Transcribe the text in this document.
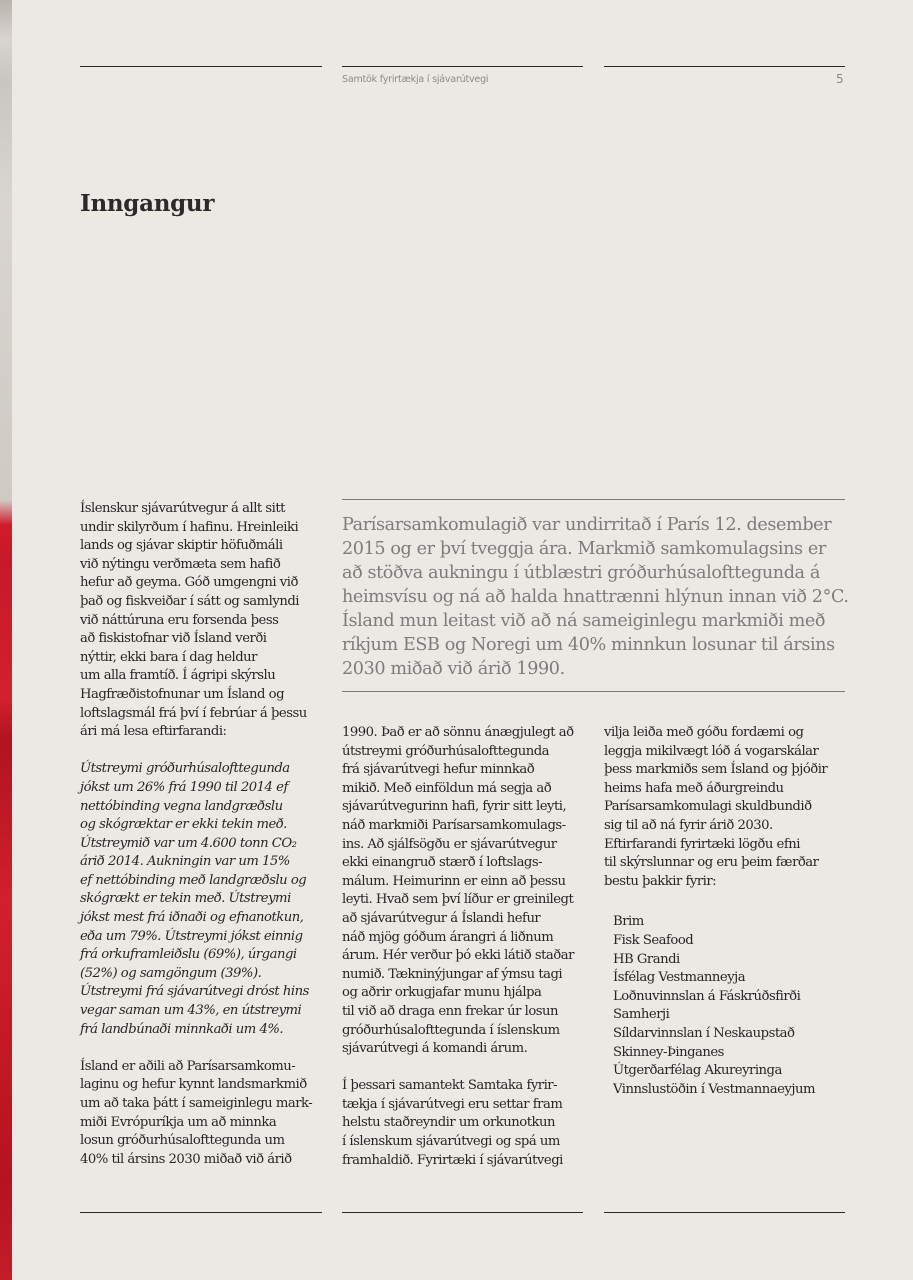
Samtök fyrirtækja í sjávarútvegi	5
Inngangur

Íslenskur sjávarútvegur á allt sitt
undir skilyrðum í hafinu. Hreinleiki
lands og sjávar skiptir höfuðmáli
við nýtingu verðmæta sem hafið
hefur að geyma. Góð umgengni við
það og fiskveiðar í sátt og samlyndi
við náttúruna eru forsenda þess
að fiskistofnar við Ísland verði
nýttir, ekki bara í dag heldur
um alla framtíð. Í ágripi skýrslu
Hagfræðistofnunar um Ísland og
loftslagsmál frá því í febrúar á þessu
ári má lesa eftirfarandi:

Útstreymi gróðurhúsalofttegunda
jókst um 26% frá 1990 til 2014 ef
nettóbinding vegna landgræðslu
og skógræktar er ekki tekin með.
Útstreymið var um 4.600 tonn CO₂
árið 2014. Aukningin var um 15%
ef nettóbinding með landgræðslu og
skógrækt er tekin með. Útstreymi
jókst mest frá iðnaði og efnanotkun,
eða um 79%. Útstreymi jókst einnig
frá orkuframleiðslu (69%), úrgangi
(52%) og samgöngum (39%).
Útstreymi frá sjávarútvegi dróst hins
vegar saman um 43%, en útstreymi
frá landbúnaði minnkaði um 4%.

Ísland er aðili að Parísarsamkomu-
laginu og hefur kynnt landsmarkmið
um að taka þátt í sameiginlegu mark-
miði Evrópuríkja um að minnka
losun gróðurhúsalofttegunda um
40% til ársins 2030 miðað við árið

Parísarsamkomulagið var undirritað í París 12. desember
2015 og er því tveggja ára. Markmið samkomulagsins er
að stöðva aukningu í útblæstri gróðurhúsalofttegunda á
heimsvísu og ná að halda hnattrænni hlýnun innan við 2°C.
Ísland mun leitast við að ná sameiginlegu markmiði með
ríkjum ESB og Noregi um 40% minnkun losunar til ársins
2030 miðað við árið 1990.

1990. Það er að sönnu ánægjulegt að
útstreymi gróðurhúsalofttegunda
frá sjávarútvegi hefur minnkað
mikið. Með einföldun má segja að
sjávarútvegurinn hafi, fyrir sitt leyti,
náð markmiði Parísarsamkomulags-
ins. Að sjálfsögðu er sjávarútvegur
ekki einangruð stærð í loftslags-
málum. Heimurinn er einn að þessu
leyti. Hvað sem því líður er greinilegt
að sjávarútvegur á Íslandi hefur
náð mjög góðum árangri á liðnum
árum. Hér verður þó ekki látið staðar
numið. Tækninýjungar af ýmsu tagi
og aðrir orkugjafar munu hjálpa
til við að draga enn frekar úr losun
gróðurhúsalofttegunda í íslenskum
sjávarútvegi á komandi árum.

Í þessari samantekt Samtaka fyrir-
tækja í sjávarútvegi eru settar fram
helstu staðreyndir um orkunotkun
í íslenskum sjávarútvegi og spá um
framhaldið. Fyrirtæki í sjávarútvegi

vilja leiða með góðu fordæmi og
leggja mikilvægt lóð á vogarskálar
þess markmiðs sem Ísland og þjóðir
heims hafa með áðurgreindu
Parísarsamkomulagi skuldbundið
sig til að ná fyrir árið 2030.
Eftirfarandi fyrirtæki lögðu efni
til skýrslunnar og eru þeim færðar
bestu þakkir fyrir:

Brim
Fisk Seafood
HB Grandi
Ísfélag Vestmanneyja
Loðnuvinnslan á Fáskrúðsfirði
Samherji
Síldarvinnslan í Neskaupstað
Skinney-Þinganes
Útgerðarfélag Akureyringa
Vinnslustöðin í Vestmannaeyjum
